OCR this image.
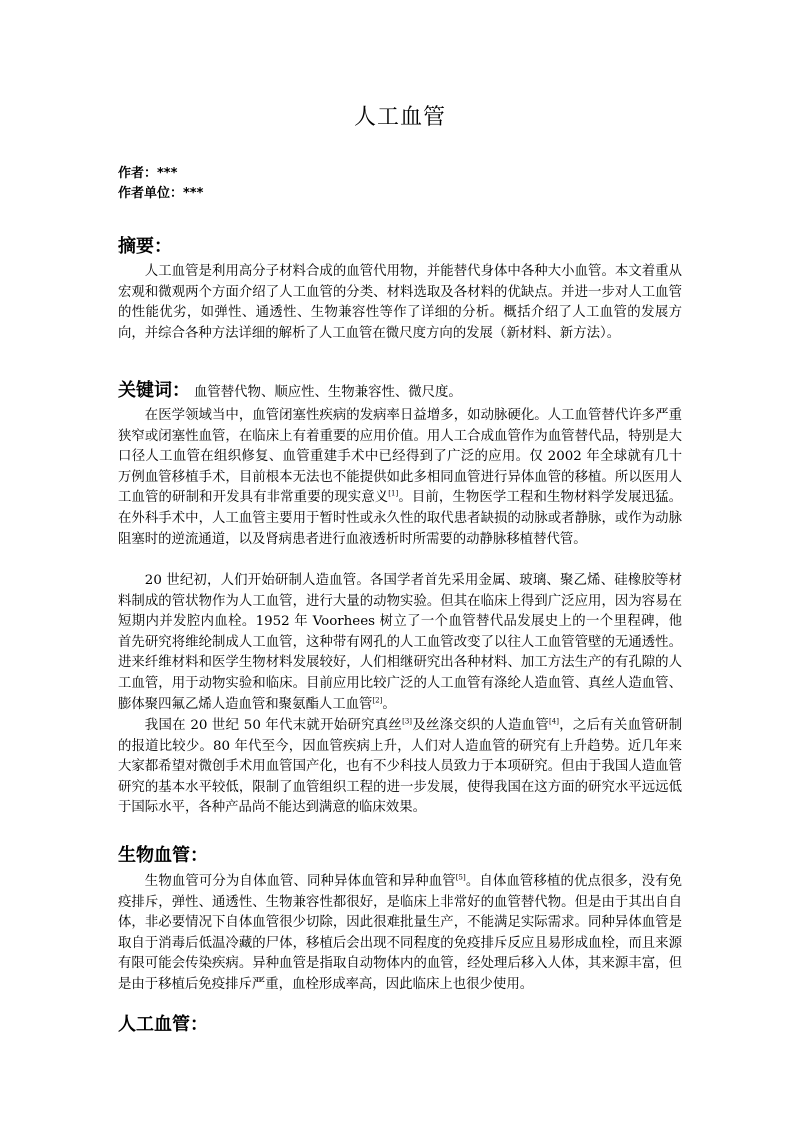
人工血管
作者：***
作者单位：***
摘要：

人工血管是利用高分子材料合成的血管代用物，并能替代身体中各种大小血管。本文着重从宏观和微观两个方面介绍了人工血管的分类、材料选取及各材料的优缺点。并进一步对人工血管的性能优劣，如弹性、通透性、生物兼容性等作了详细的分析。概括介绍了人工血管的发展方向，并综合各种方法详细的解析了人工血管在微尺度方向的发展（新材料、新方法）。

关键词： 血管替代物、顺应性、生物兼容性、微尺度。

在医学领域当中，血管闭塞性疾病的发病率日益增多，如动脉硬化。人工血管替代许多严重狭窄或闭塞性血管，在临床上有着重要的应用价值。用人工合成血管作为血管替代品，特别是大口径人工血管在组织修复、血管重建手术中已经得到了广泛的应用。仅 2002 年全球就有几十万例血管移植手术，目前根本无法也不能提供如此多相同血管进行异体血管的移植。所以医用人工血管的研制和开发具有非常重要的现实意义[1]。目前，生物医学工程和生物材料学发展迅猛。在外科手术中，人工血管主要用于暂时性或永久性的取代患者缺损的动脉或者静脉，或作为动脉阻塞时的逆流通道，以及肾病患者进行血液透析时所需要的动静脉移植替代管。

20 世纪初，人们开始研制人造血管。各国学者首先采用金属、玻璃、聚乙烯、硅橡胶等材料制成的管状物作为人工血管，进行大量的动物实验。但其在临床上得到广泛应用，因为容易在短期内并发腔内血栓。1952 年 Voorhees 树立了一个血管替代品发展史上的一个里程碑，他首先研究将维纶制成人工血管，这种带有网孔的人工血管改变了以往人工血管管壁的无通透性。进来纤维材料和医学生物材料发展较好，人们相继研究出各种材料、加工方法生产的有孔隙的人工血管，用于动物实验和临床。目前应用比较广泛的人工血管有涤纶人造血管、真丝人造血管、膨体聚四氟乙烯人造血管和聚氨酯人工血管[2]。

我国在 20 世纪 50 年代末就开始研究真丝[3]及丝涤交织的人造血管[4]，之后有关血管研制的报道比较少。80 年代至今，因血管疾病上升，人们对人造血管的研究有上升趋势。近几年来大家都希望对微创手术用血管国产化，也有不少科技人员致力于本项研究。但由于我国人造血管研究的基本水平较低，限制了血管组织工程的进一步发展，使得我国在这方面的研究水平远远低于国际水平，各种产品尚不能达到满意的临床效果。

生物血管：

生物血管可分为自体血管、同种异体血管和异种血管[5]。自体血管移植的优点很多，没有免疫排斥，弹性、通透性、生物兼容性都很好，是临床上非常好的血管替代物。但是由于其出自自体，非必要情况下自体血管很少切除，因此很难批量生产，不能满足实际需求。同种异体血管是取自于消毒后低温冷藏的尸体，移植后会出现不同程度的免疫排斥反应且易形成血栓，而且来源有限可能会传染疾病。异种血管是指取自动物体内的血管，经处理后移入人体，其来源丰富，但是由于移植后免疫排斥严重，血栓形成率高，因此临床上也很少使用。

人工血管：
